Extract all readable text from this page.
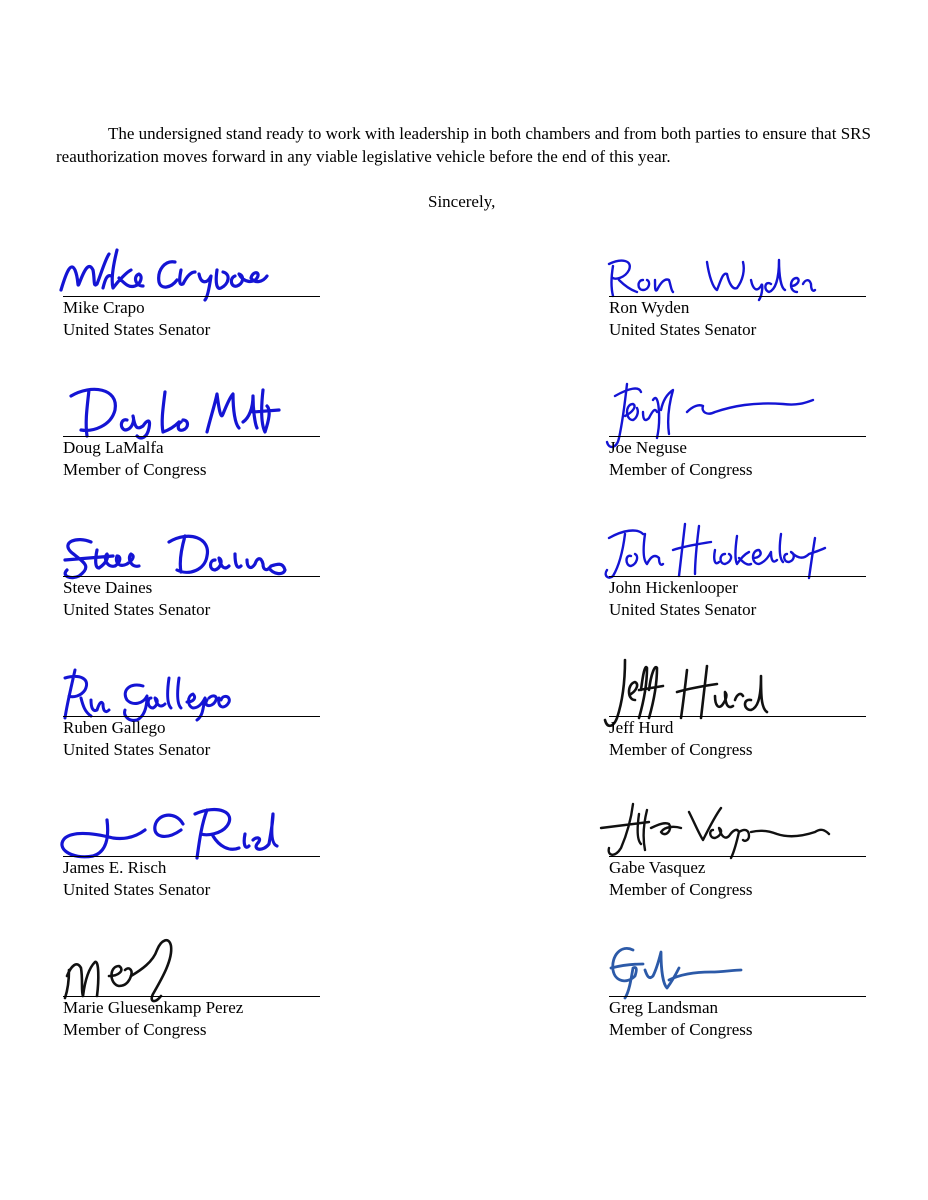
The undersigned stand ready to work with leadership in both chambers and from both parties to ensure that SRS reauthorization moves forward in any viable legislative vehicle before the end of this year.

Sincerely,
Mike Crapo
United States Senator
Doug LaMalfa
Member of Congress
Steve Daines
United States Senator
Ruben Gallego
United States Senator
James E. Risch
United States Senator
Marie Gluesenkamp Perez
Member of Congress
Ron Wyden
United States Senator
Joe Neguse
Member of Congress
John Hickenlooper
United States Senator
Jeff Hurd
Member of Congress
Gabe Vasquez
Member of Congress
Greg Landsman
Member of Congress
